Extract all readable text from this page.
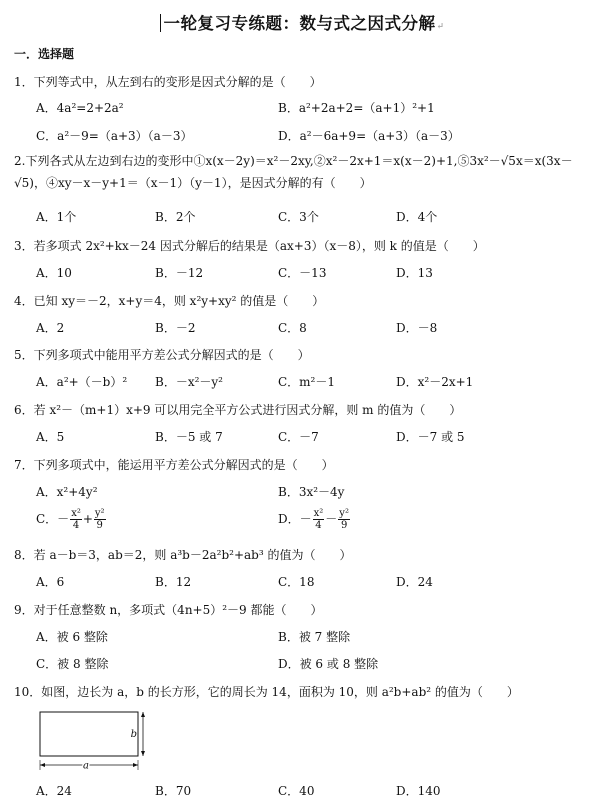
一轮复习专练题：数与式之因式分解↵
一．选择题
1．下列等式中，从左到右的变形是因式分解的是（　　）
A．4a²=2+2a²	B．a²+2a+2=（a+1）²+1
C．a²－9=（a+3）（a－3）	D．a²－6a+9=（a+3）（a－3）
2.下列各式从左边到右边的变形中①x(x－2y)＝x²－2xy,②x²－2x+1＝x(x－2)+1,⑤3x²－√5x＝x(3x－√5)，④xy－x－y+1＝（x－1）（y－1），是因式分解的有（　　）
A．1个	B．2个	C．3个	D．4个
3．若多项式 2x²+kx－24 因式分解后的结果是（ax+3）（x－8），则 k 的值是（　　）
A．10	B．－12	C．－13	D．13
4．已知 xy＝－2，x+y＝4，则 x²y+xy² 的值是（　　）
A．2	B．－2	C．8	D．－8
5．下列多项式中能用平方差公式分解因式的是（　　）
A．a²+（－b）² B．－x²－y²	C．m²－1	D．x²－2x+1
6．若 x²－（m+1）x+9 可以用完全平方公式进行因式分解，则 m 的值为（　　）
A．5	B．－5 或 7	C．－7	D．－7 或 5
7．下列多项式中，能运用平方差公式分解因式的是（　　）
A．x²+4y²	B．3x²－4y
C．－ $\frac{\text{x²}}{4} + \frac{\text{y²}}{9}$	D．－ $\frac{\text{x²}}{4} - \frac{\text{y²}}{9}$
8．若 a－b＝3，ab＝2，则 a³b－2a²b²+ab³ 的值为（　　）
A．6	B．12	C．18	D．24
9．对于任意整数 n，多项式（4n+5）²－9 都能（　　）
A．被 6 整除	B．被 7 整除
C．被 8 整除	D．被 6 或 8 整除
10．如图，边长为 a，b 的长方形，它的周长为 14，面积为 10，则 a²b+ab² 的值为（　　）
a
b
A．24	B．70	C．40	D．140
